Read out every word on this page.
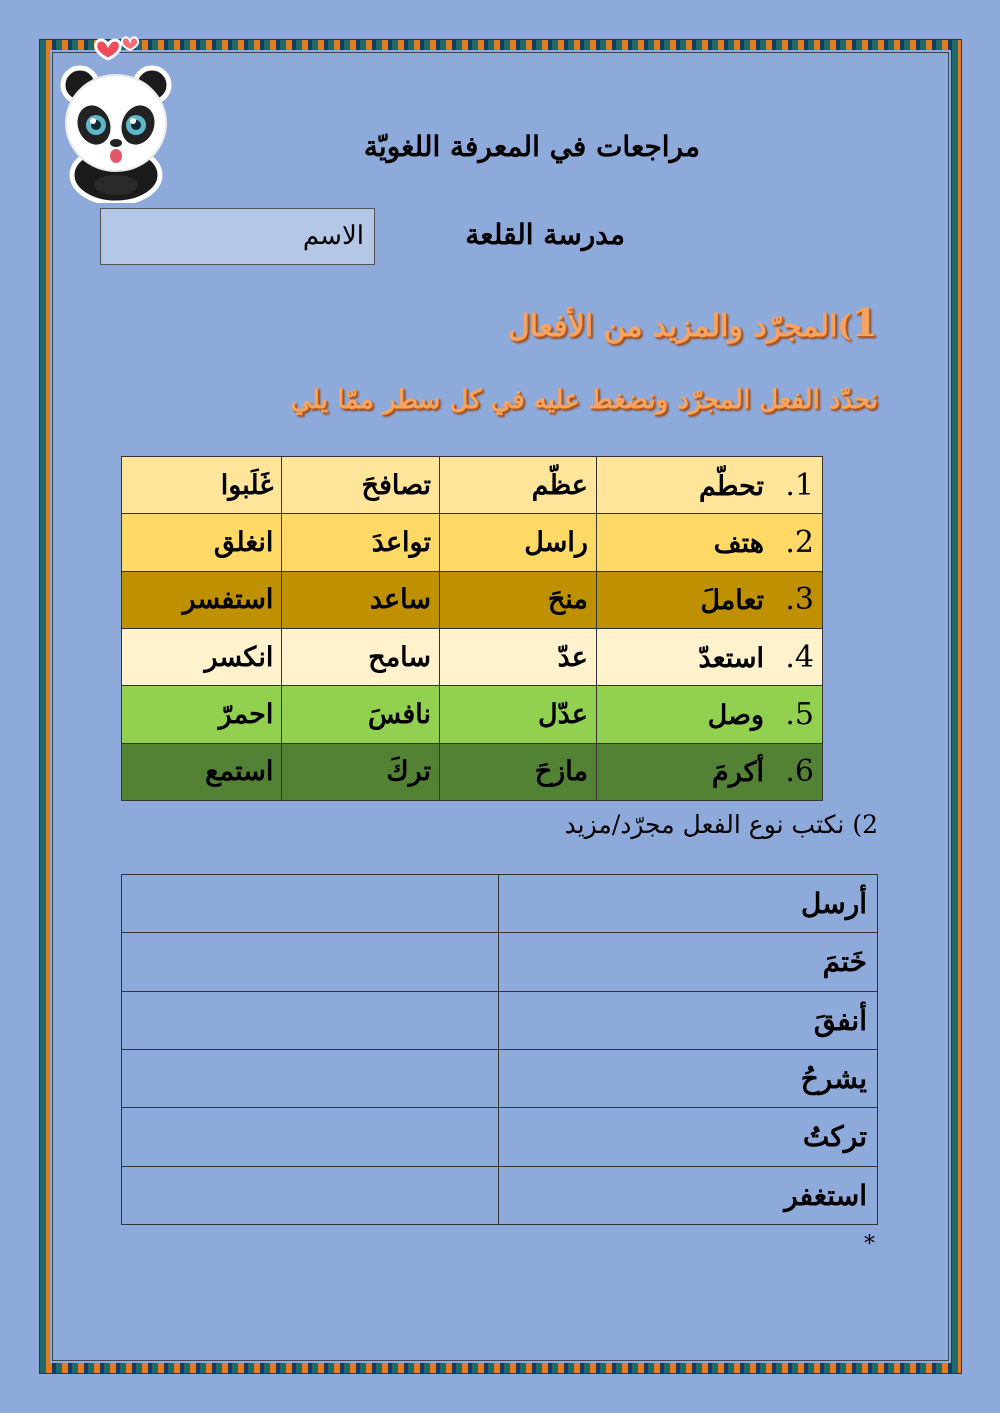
مراجعات في المعرفة اللغويّة
مدرسة القلعة
الاسم
1)المجرّد والمزيد من الأفعال
نحدّد الفعل المجرّد ونضغط عليه في كل سطر ممّا يلي
1.تحطّم	عظّم	تصافحَ	غَلَبوا
2.هتف	راسل	تواعدَ	انغلق
3.تعاملَ	منحَ	ساعد	استفسر
4.استعدّ	عدّ	سامح	انكسر
5.وصل	عدّل	نافسَ	احمرّ
6.أكرمَ	مازحَ	تركَ	استمع
2) نكتب نوع الفعل مجرّد/مزيد
أرسل	
خَتمَ	
أنفقَ	
يشرحُ	
تركتُ	
استغفر	
*
